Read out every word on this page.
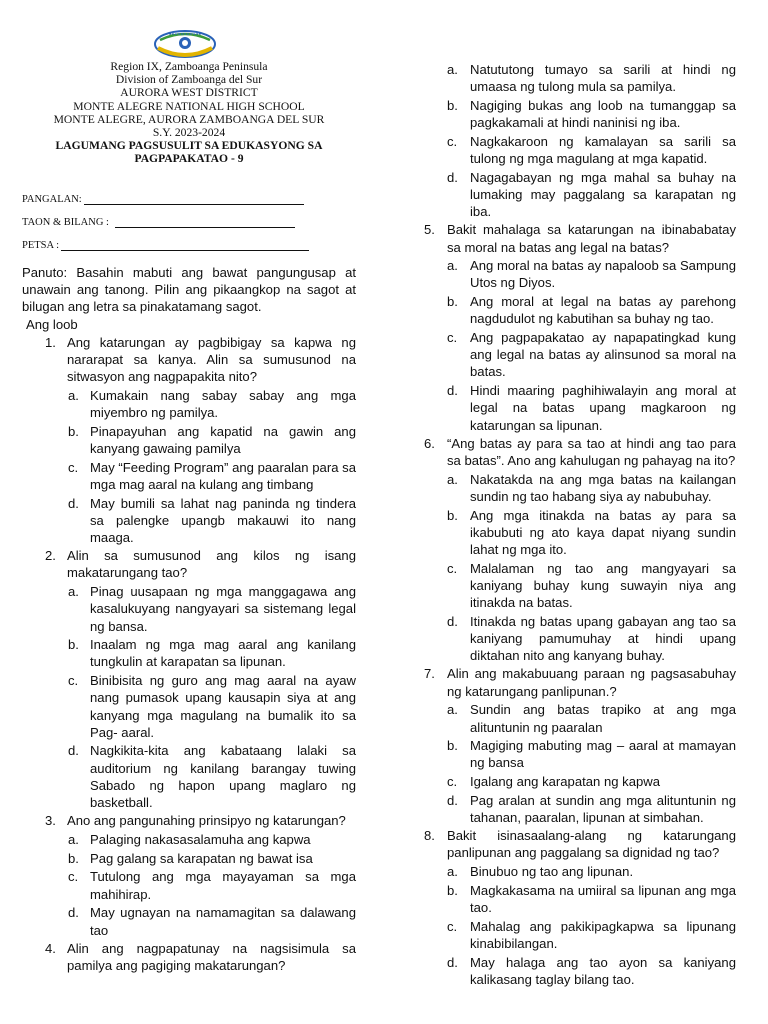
Region IX, Zamboanga Peninsula
Division of Zamboanga del Sur
AURORA WEST DISTRICT
MONTE ALEGRE NATIONAL HIGH SCHOOL
MONTE ALEGRE, AURORA ZAMBOANGA DEL SUR
S.Y. 2023-2024
LAGUMANG PAGSUSULIT SA EDUKASYONG SA
PAGPAPAKATAO - 9
PANGALAN:
TAON & BILANG :
PETSA :
Panuto: Basahin mabuti ang bawat pangungusap at unawain ang tanong. Pilin ang pikaangkop na sagot at bilugan ang letra sa pinakatamang sagot.
Ang loob
1. Ang katarungan ay pagbibigay sa kapwa ng nararapat sa kanya. Alin sa sumusunod na sitwasyon ang nagpapakita nito?
a. Kumakain nang sabay sabay ang mga miyembro ng pamilya.
b. Pinapayuhan ang kapatid na gawin ang kanyang gawaing pamilya
c. May “Feeding Program” ang paaralan para sa mga mag aaral na kulang ang timbang
d. May bumili sa lahat nag paninda ng tindera sa palengke upangb makauwi ito nang maaga.
2. Alin sa sumusunod ang kilos ng isang makatarungang tao?
a. Pinag uusapaan ng mga manggagawa ang kasalukuyang nangyayari sa sistemang legal ng bansa.
b. Inaalam ng mga mag aaral ang kanilang tungkulin at karapatan sa lipunan.
c. Binibisita ng guro ang mag aaral na ayaw nang pumasok upang kausapin siya at ang kanyang mga magulang na bumalik ito sa Pag- aaral.
d. Nagkikita-kita ang kabataang lalaki sa auditorium ng kanilang barangay tuwing Sabado ng hapon upang maglaro ng basketball.
3. Ano ang pangunahing prinsipyo ng katarungan?
a. Palaging nakasasalamuha ang kapwa
b. Pag galang sa karapatan ng bawat isa
c. Tutulong ang mga mayayaman sa mga mahihirap.
d. May ugnayan na namamagitan sa dalawang tao
4. Alin ang nagpapatunay na nagsisimula sa pamilya ang pagiging makatarungan?
a. Natututong tumayo sa sarili at hindi ng umaasa ng tulong mula sa pamilya.
b. Nagiging bukas ang loob na tumanggap sa pagkakamali at hindi naninisi ng iba.
c. Nagkakaroon ng kamalayan sa sarili sa tulong ng mga magulang at mga kapatid.
d. Nagagabayan ng mga mahal sa buhay na lumaking may paggalang sa karapatan ng iba.
5. Bakit mahalaga sa katarungan na ibinababatay sa moral na batas ang legal na batas?
a. Ang moral na batas ay napaloob sa Sampung Utos ng Diyos.
b. Ang moral at legal na batas ay parehong nagdudulot ng kabutihan sa buhay ng tao.
c. Ang pagpapakatao ay napapatingkad kung ang legal na batas ay alinsunod sa moral na batas.
d. Hindi maaring paghihiwalayin ang moral at legal na batas upang magkaroon ng katarungan sa lipunan.
6. “Ang batas ay para sa tao at hindi ang tao para sa batas”. Ano ang kahulugan ng pahayag na ito?
a. Nakatakda na ang mga batas na kailangan sundin ng tao habang siya ay nabubuhay.
b. Ang mga itinakda na batas ay para sa ikabubuti ng ato kaya dapat niyang sundin lahat ng mga ito.
c. Malalaman ng tao ang mangyayari sa kaniyang buhay kung suwayin niya ang itinakda na batas.
d. Itinakda ng batas upang gabayan ang tao sa kaniyang pamumuhay at hindi upang diktahan nito ang kanyang buhay.
7. Alin ang makabuuang paraan ng pagsasabuhay ng katarungang panlipunan.?
a. Sundin ang batas trapiko at ang mga alituntunin ng paaralan
b. Magiging mabuting mag – aaral at mamayan ng bansa
c. Igalang ang karapatan ng kapwa
d. Pag aralan at sundin ang mga alituntunin ng tahanan, paaralan, lipunan at simbahan.
8. Bakit isinasaalang-alang ng katarungang panlipunan ang paggalang sa dignidad ng tao?
a. Binubuo ng tao ang lipunan.
b. Magkakasama na umiiral sa lipunan ang mga tao.
c. Mahalag ang pakikipagkapwa sa lipunang kinabibilangan.
d. May halaga ang tao ayon sa kaniyang kalikasang taglay bilang tao.
